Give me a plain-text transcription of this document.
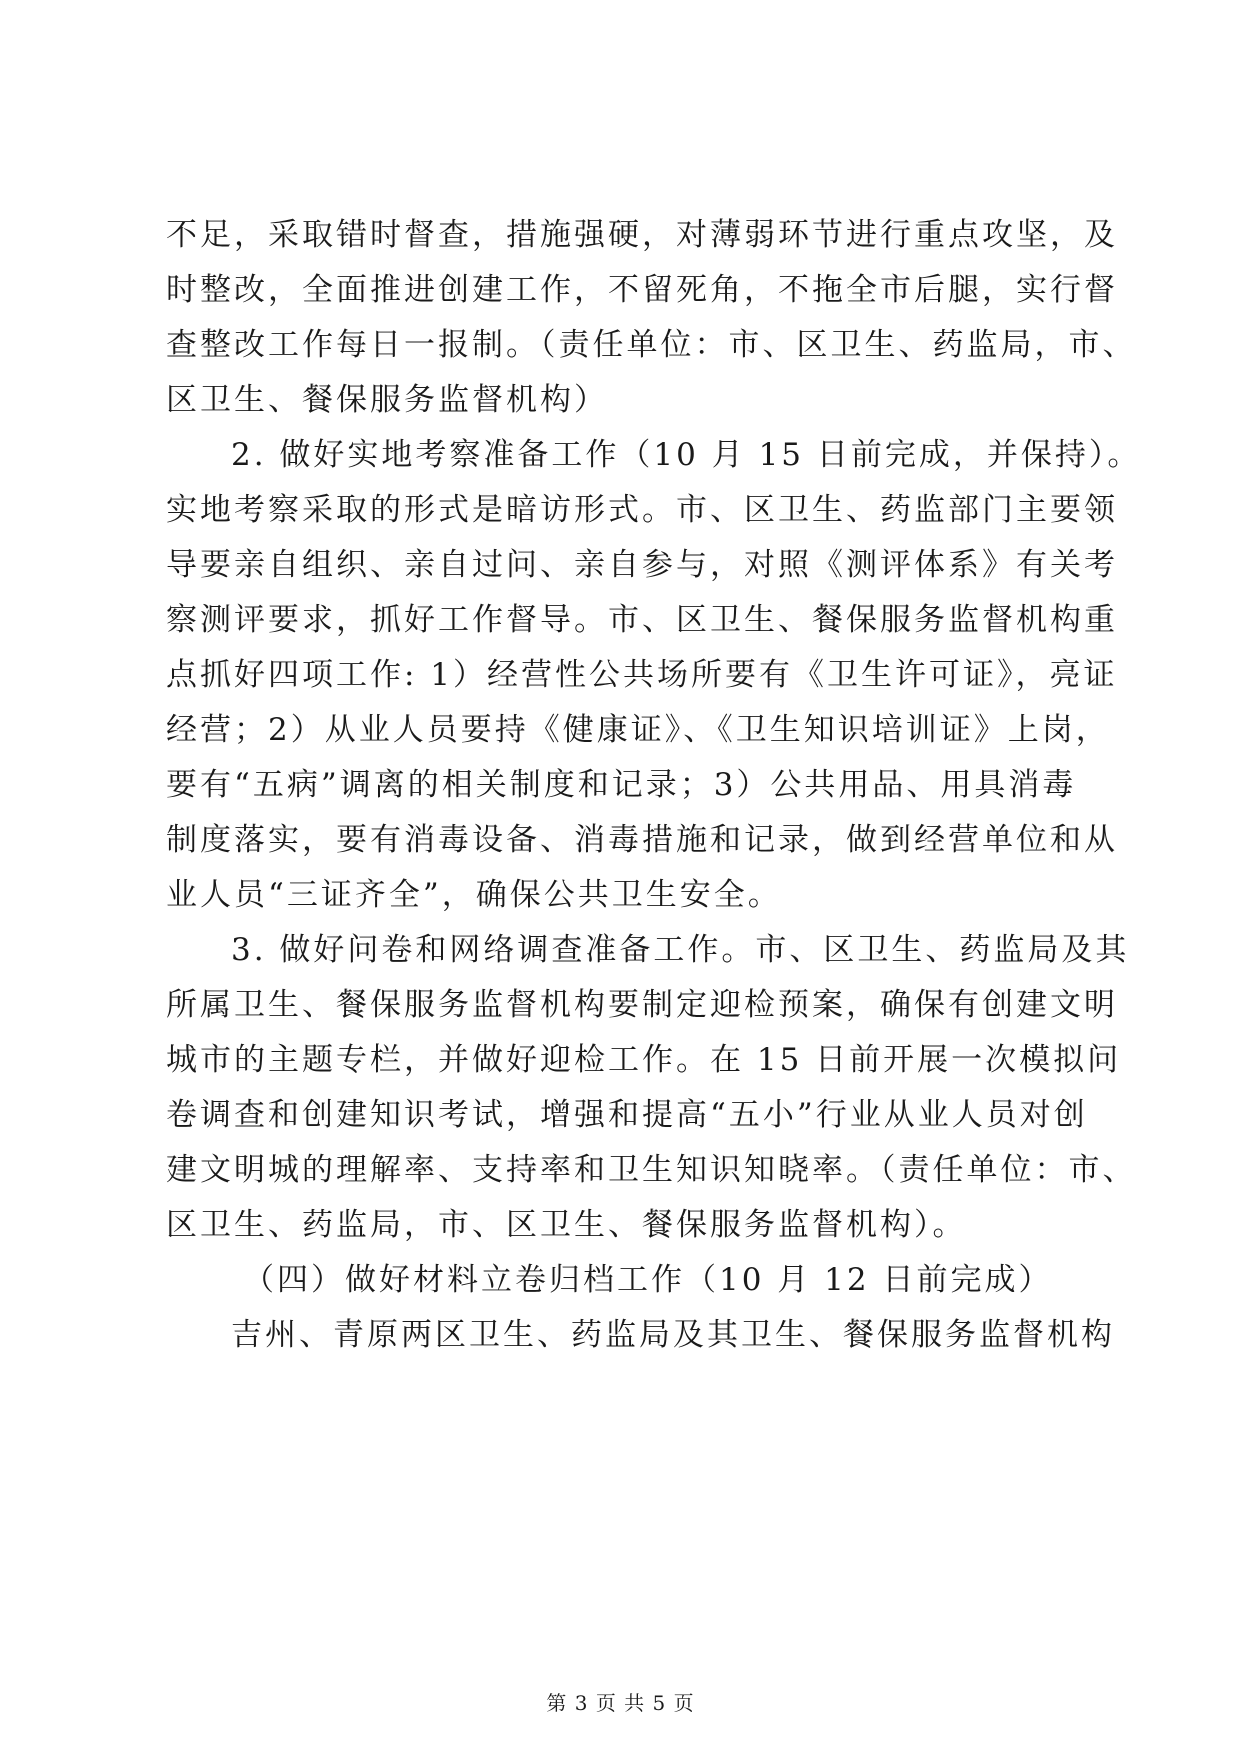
不足，采取错时督查，措施强硬，对薄弱环节进行重点攻坚，及
时整改，全面推进创建工作，不留死角，不拖全市后腿，实行督
查整改工作每日一报制。（责任单位：市、区卫生、药监局，市、
区卫生、餐保服务监督机构）
2. 做好实地考察准备工作（10 月 15 日前完成，并保持）。
实地考察采取的形式是暗访形式。市、区卫生、药监部门主要领
导要亲自组织、亲自过问、亲自参与，对照《测评体系》有关考
察测评要求，抓好工作督导。市、区卫生、餐保服务监督机构重
点抓好四项工作: 1）经营性公共场所要有《卫生许可证》，亮证
经营；2）从业人员要持《健康证》、《卫生知识培训证》上岗，
要有“五病”调离的相关制度和记录；3）公共用品、用具消毒
制度落实，要有消毒设备、消毒措施和记录，做到经营单位和从
业人员“三证齐全”，确保公共卫生安全。
3. 做好问卷和网络调查准备工作。市、区卫生、药监局及其
所属卫生、餐保服务监督机构要制定迎检预案，确保有创建文明
城市的主题专栏，并做好迎检工作。在 15 日前开展一次模拟问
卷调查和创建知识考试，增强和提高“五小”行业从业人员对创
建文明城的理解率、支持率和卫生知识知晓率。（责任单位：市、
区卫生、药监局，市、区卫生、餐保服务监督机构）。
（四）做好材料立卷归档工作（10 月 12 日前完成）
吉州、青原两区卫生、药监局及其卫生、餐保服务监督机构
第 3 页 共 5 页
